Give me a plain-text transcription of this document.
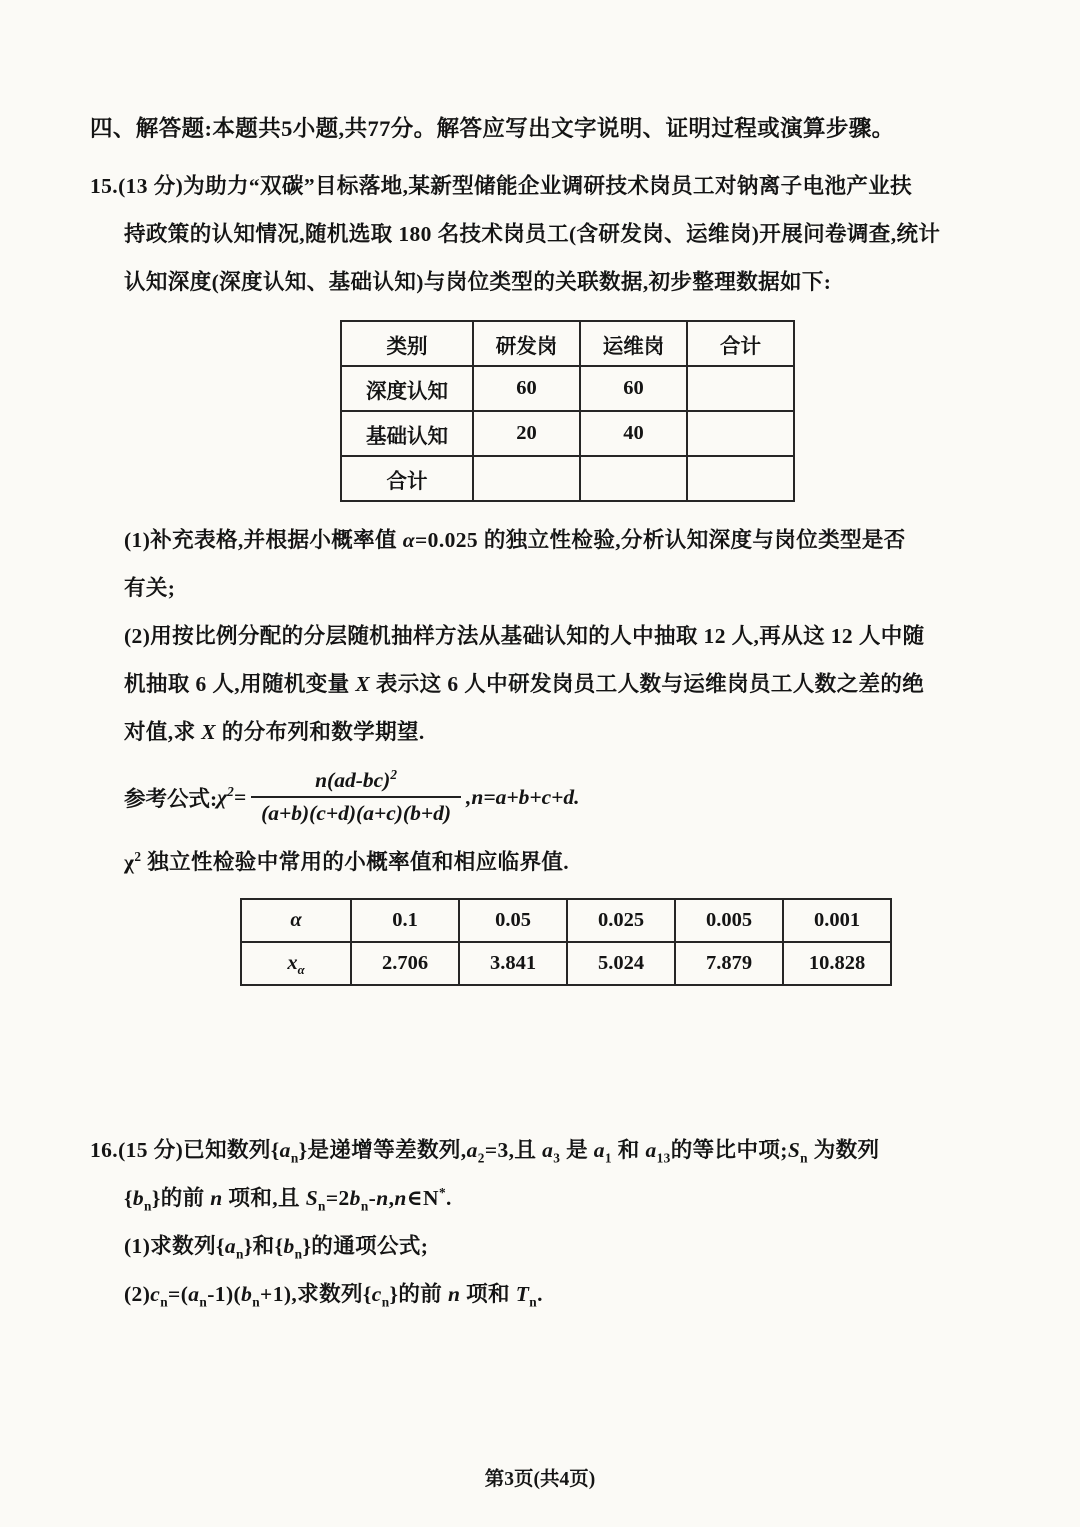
四、解答题:本题共5小题,共77分。解答应写出文字说明、证明过程或演算步骤。
15.(13 分)为助力“双碳”目标落地,某新型储能企业调研技术岗员工对钠离子电池产业扶
持政策的认知情况,随机选取 180 名技术岗员工(含研发岗、运维岗)开展问卷调查,统计
认知深度(深度认知、基础认知)与岗位类型的关联数据,初步整理数据如下:
类别	研发岗	运维岗	合计
深度认知	60	60	
基础认知	20	40	
合计			
(1)补充表格,并根据小概率值 α=0.025 的独立性检验,分析认知深度与岗位类型是否
有关;
(2)用按比例分配的分层随机抽样方法从基础认知的人中抽取 12 人,再从这 12 人中随
机抽取 6 人,用随机变量 X 表示这 6 人中研发岗员工人数与运维岗员工人数之差的绝
对值,求 X 的分布列和数学期望.
参考公式: $\chi^2= \frac{n(ad-bc)^2}{(a+b)(c+d)(a+c)(b+d)} ,n=a+b+c+d$.
$\chi^2$ 独立性检验中常用的小概率值和相应临界值.
α	0.1	0.05	0.025	0.005	0.001
$x_\alpha$	2.706	3.841	5.024	7.879	10.828
16.(15 分)已知数列$\{a_n\}$是递增等差数列$,a_2=3$,且 $a_3$ 是 $a_1$ 和 $a_{13}$的等比中项$;S_n$ 为数列
$\{b_n\}$的前 n 项和,且 $S_n=2b_n-n,n\in N^*$.
(1)求数列$\{a_n\}$和$\{b_n\}$的通项公式;
$(2)c_n=(a_n-1)(b_n+1)$,求数列$\{c_n\}$的前 n 项和 $T_n$.
第3页(共4页)
